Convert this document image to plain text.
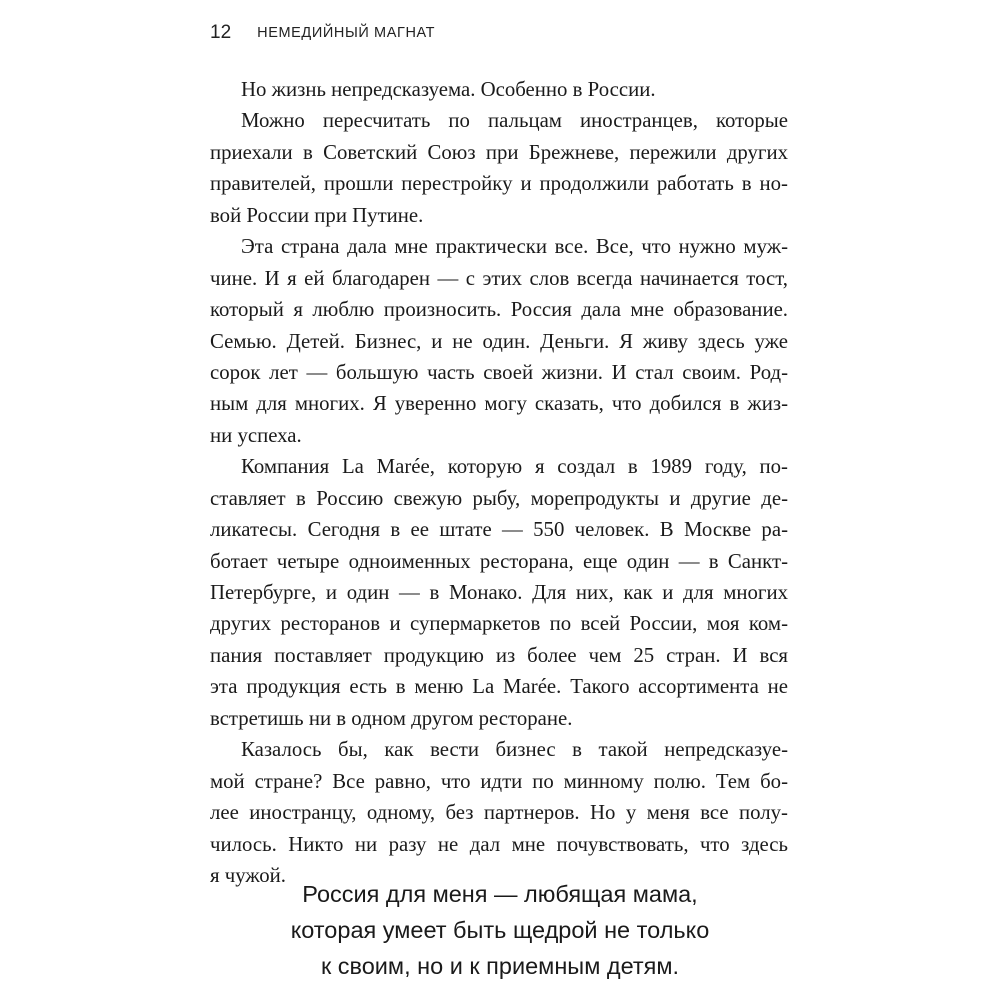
12 НЕМЕДИЙНЫЙ МАГНАТ
Но жизнь непредсказуема. Особенно в России.
Можно пересчитать по пальцам иностранцев, которые
приехали в Советский Союз при Брежневе, пережили других
правителей, прошли перестройку и продолжили работать в но-
вой России при Путине.
Эта страна дала мне практически все. Все, что нужно муж-
чине. И я ей благодарен — с этих слов всегда начинается тост,
который я люблю произносить. Россия дала мне образование.
Семью. Детей. Бизнес, и не один. Деньги. Я живу здесь уже
сорок лет — большую часть своей жизни. И стал своим. Род-
ным для многих. Я уверенно могу сказать, что добился в жиз-
ни успеха.
Компания La Marée, которую я создал в 1989 году, по-
ставляет в Россию свежую рыбу, морепродукты и другие де-
ликатесы. Сегодня в ее штате — 550 человек. В Москве ра-
ботает четыре одноименных ресторана, еще один — в Санкт-
Петербурге, и один — в Монако. Для них, как и для многих
других ресторанов и супермаркетов по всей России, моя ком-
пания поставляет продукцию из более чем 25 стран. И вся
эта продукция есть в меню La Marée. Такого ассортимента не
встретишь ни в одном другом ресторане.
Казалось бы, как вести бизнес в такой непредсказуе-
мой стране? Все равно, что идти по минному полю. Тем бо-
лее иностранцу, одному, без партнеров. Но у меня все полу-
чилось. Никто ни разу не дал мне почувствовать, что здесь
я чужой.
Россия для меня — любящая мама,
которая умеет быть щедрой не только
к своим, но и к приемным детям.
